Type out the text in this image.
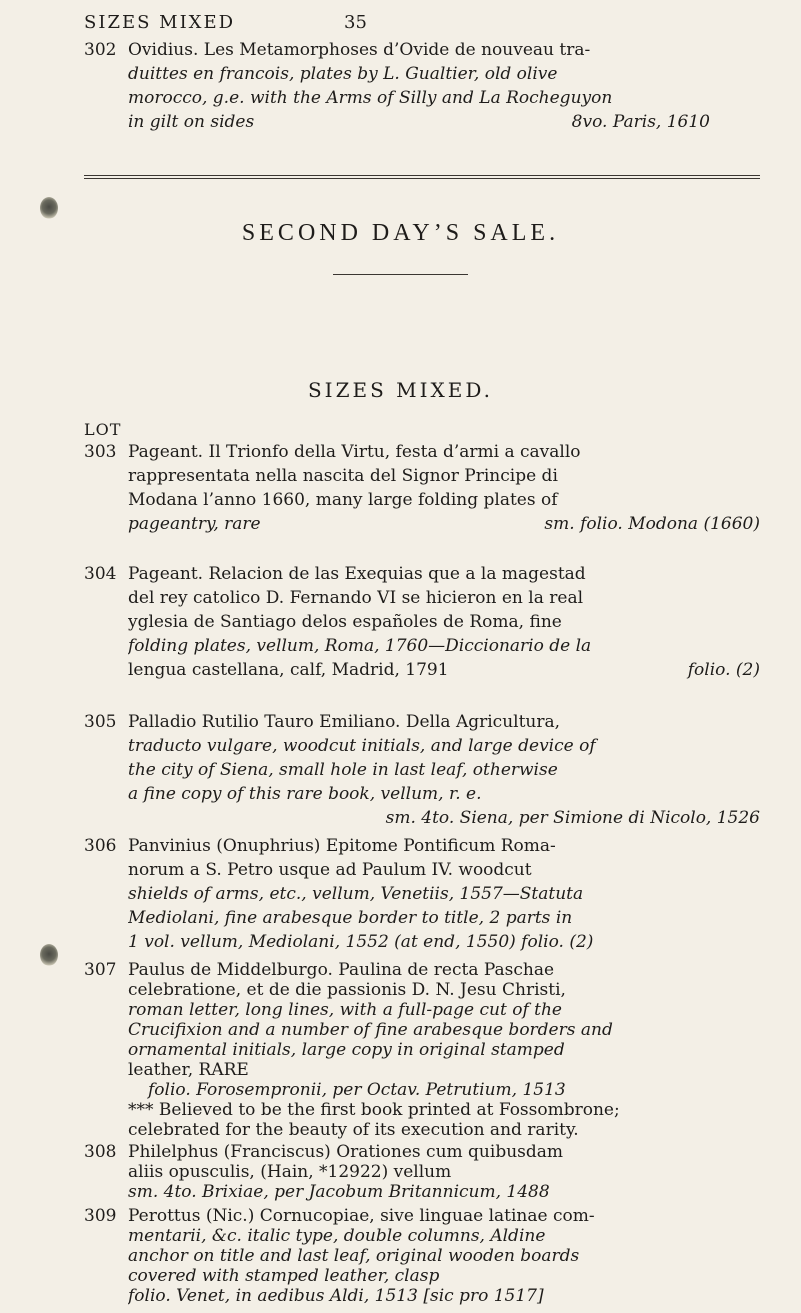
SIZES MIXED	35
302 Ovidius. Les Metamorphoses d’Ovide de nouveau tra-
duittes en francois, plates by L. Gualtier, old olive
morocco, g.e. with the Arms of Silly and La Rocheguyon
in gilt on sides	8vo. Paris, 1610
SECOND DAY’S SALE.
SIZES MIXED.
LOT
303 Pageant. Il Trionfo della Virtu, festa d’armi a cavallo
rappresentata nella nascita del Signor Principe di
Modana l’anno 1660, many large folding plates of
pageantry, rare	sm. folio. Modona (1660)
304 Pageant. Relacion de las Exequias que a la magestad
del rey catolico D. Fernando VI se hicieron en la real
yglesia de Santiago delos españoles de Roma, fine
folding plates, vellum, Roma, 1760—Diccionario de la
lengua castellana, calf, Madrid, 1791	folio. (2)
305 Palladio Rutilio Tauro Emiliano. Della Agricultura,
traducto vulgare, woodcut initials, and large device of
the city of Siena, small hole in last leaf, otherwise
a fine copy of this rare book, vellum, r. e.
sm. 4to. Siena, per Simione di Nicolo, 1526
306 Panvinius (Onuphrius) Epitome Pontificum Roma-
norum a S. Petro usque ad Paulum IV. woodcut
shields of arms, etc., vellum, Venetiis, 1557—Statuta
Mediolani, fine arabesque border to title, 2 parts in
1 vol. vellum, Mediolani, 1552 (at end, 1550) folio. (2)
307 Paulus de Middelburgo. Paulina de recta Paschae
celebratione, et de die passionis D. N. Jesu Christi,
roman letter, long lines, with a full-page cut of the
Crucifixion and a number of fine arabesque borders and
ornamental initials, large copy in original stamped
leather, RARE
folio. Forosempronii, per Octav. Petrutium, 1513
*** Believed to be the first book printed at Fossombrone;
celebrated for the beauty of its execution and rarity.
308 Philelphus (Franciscus) Orationes cum quibusdam
aliis opusculis, (Hain, *12922) vellum
sm. 4to. Brixiae, per Jacobum Britannicum, 1488
309 Perottus (Nic.) Cornucopiae, sive linguae latinae com-
mentarii, &c. italic type, double columns, Aldine
anchor on title and last leaf, original wooden boards
covered with stamped leather, clasp
folio. Venet, in aedibus Aldi, 1513 [sic pro 1517]
